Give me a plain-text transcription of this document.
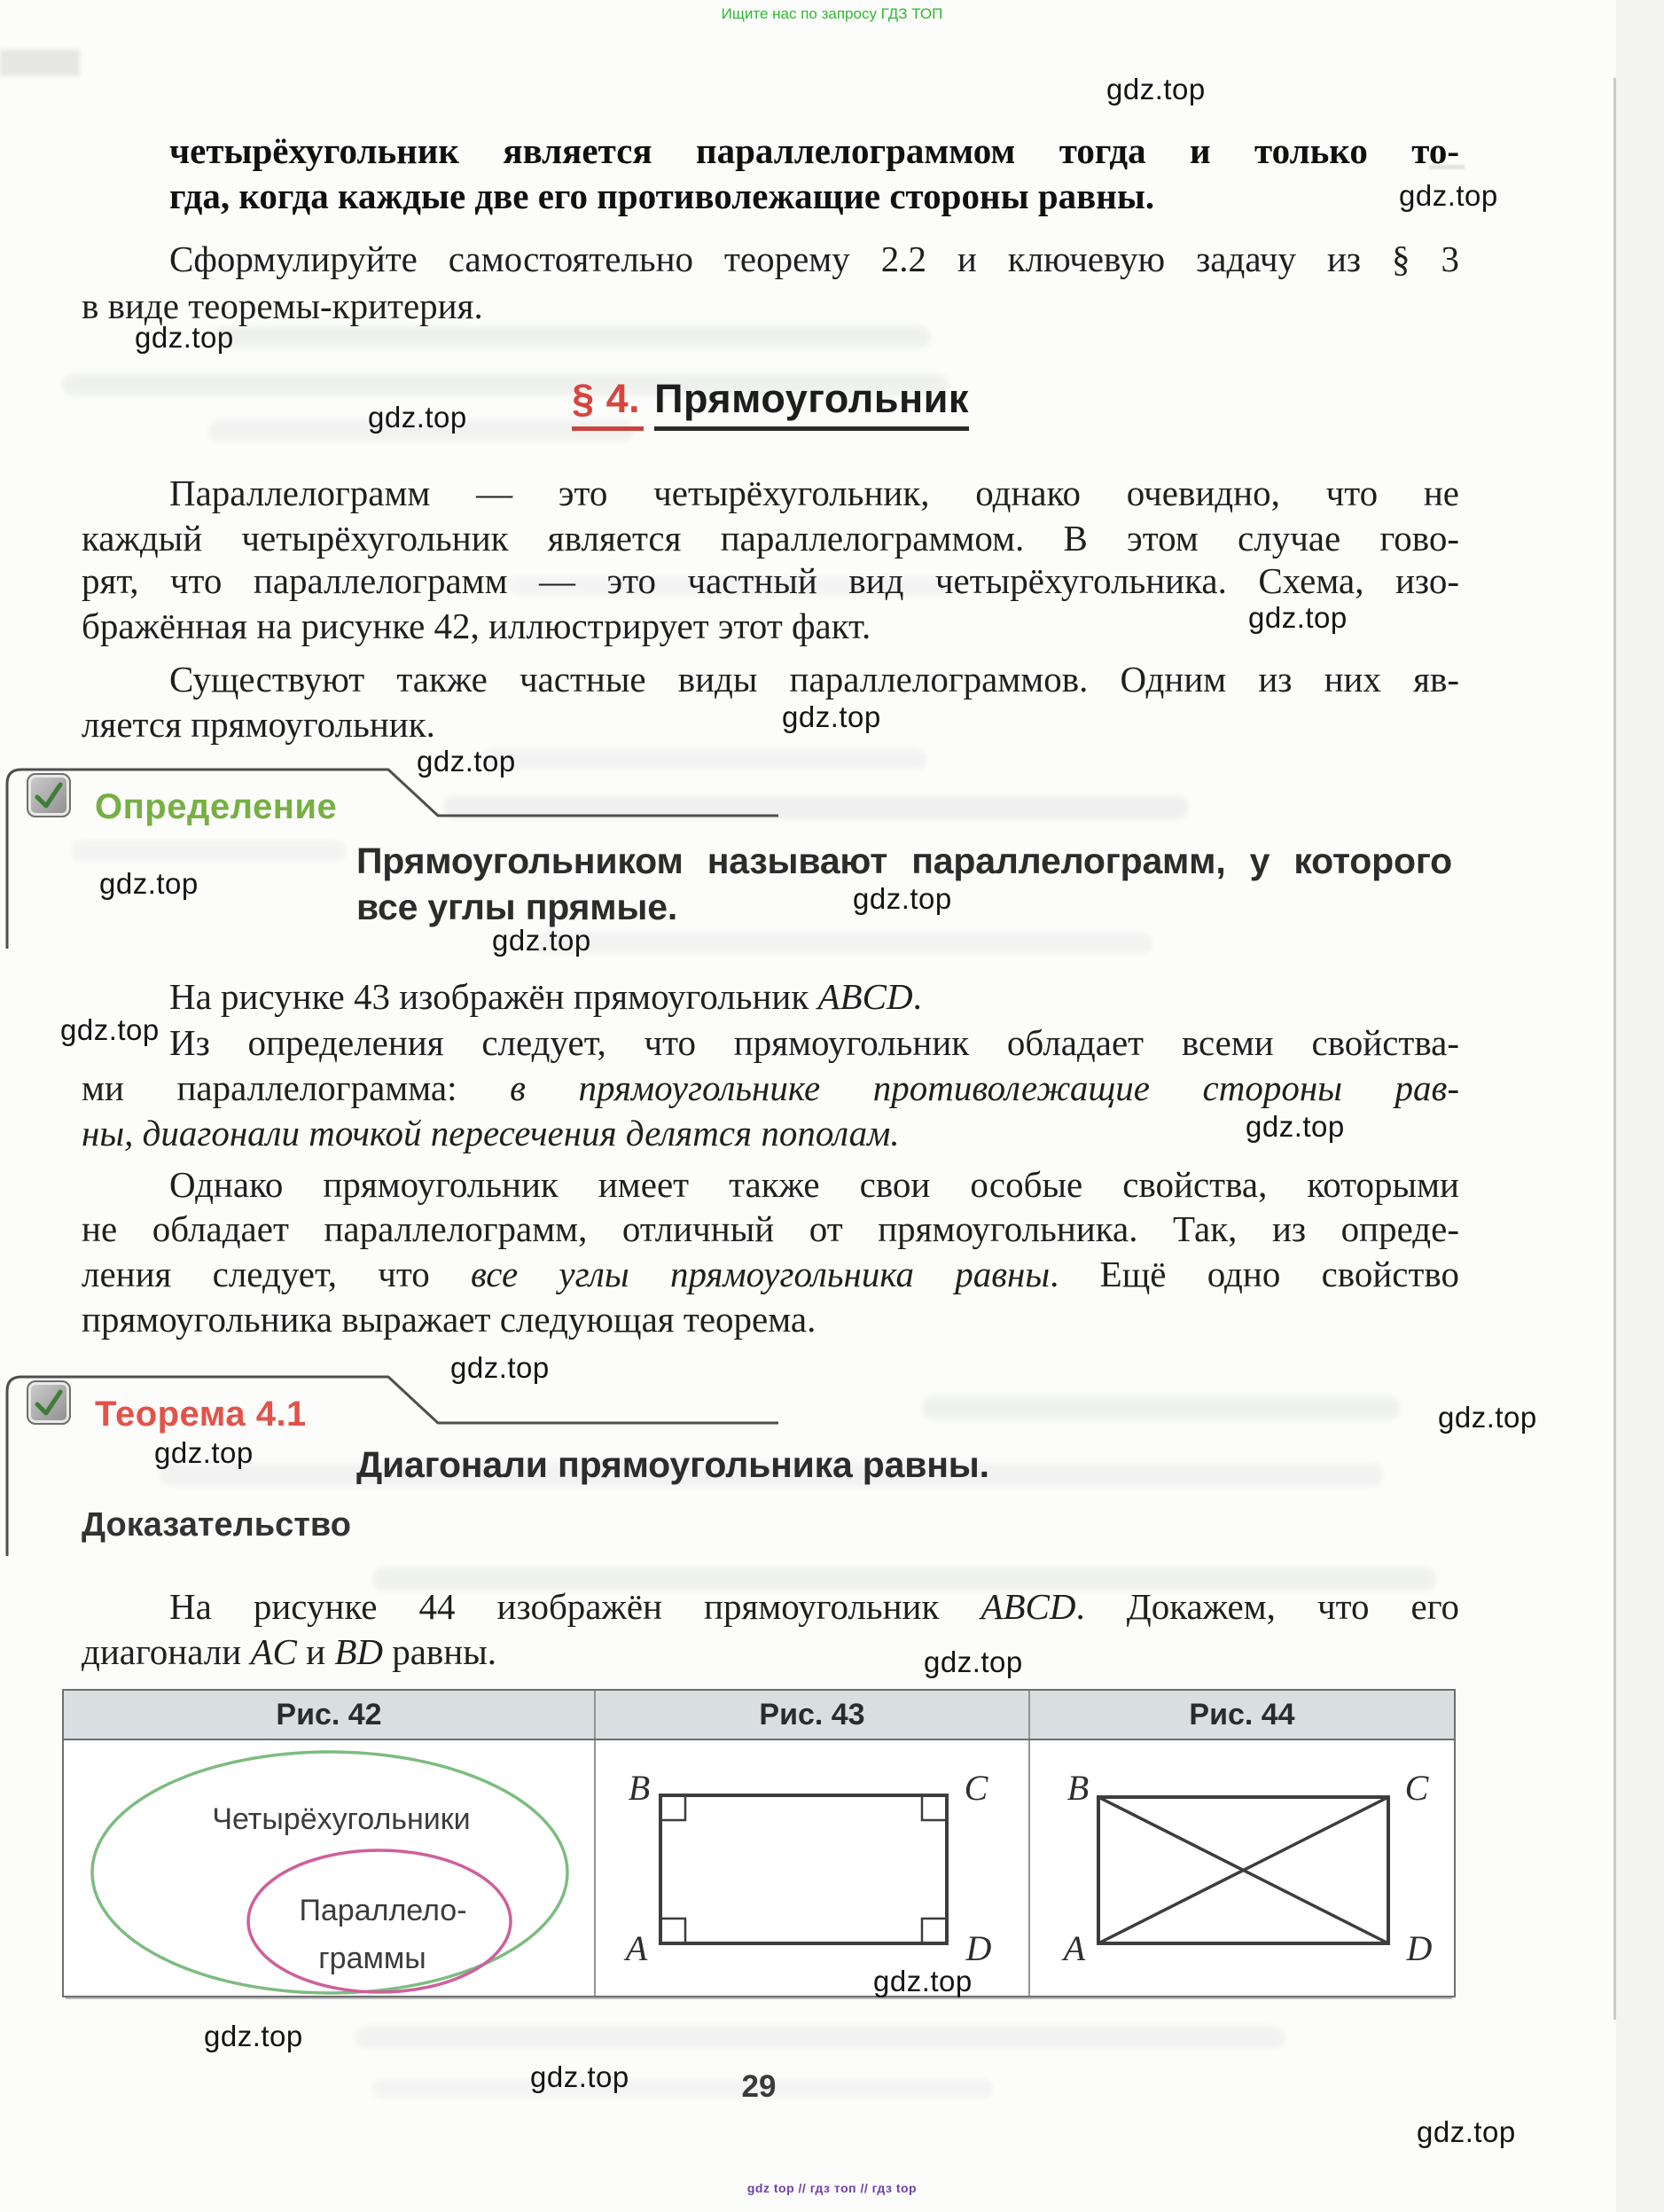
Ищите нас по запросу ГДЗ ТОП
четырёхугольник является параллелограммом тогда и только то-
гда, когда каждые две его противолежащие стороны равны.
Сформулируйте самостоятельно теорему 2.2 и ключевую задачу из § 3
в виде теоремы-критерия.
§ 4. Прямоугольник
Параллелограмм — это четырёхугольник, однако очевидно, что не
каждый четырёхугольник является параллелограммом. В этом случае гово-
рят, что параллелограмм — это частный вид четырёхугольника. Схема, изо-
бражённая на рисунке 42, иллюстрирует этот факт.
Существуют также частные виды параллелограммов. Одним из них яв-
ляется прямоугольник.
Определение
Прямоугольником называют параллелограмм, у которого
все углы прямые.
На рисунке 43 изображён прямоугольник ABCD.
Из определения следует, что прямоугольник обладает всеми свойства-
ми параллелограмма: в прямоугольнике противолежащие стороны рав-
ны, диагонали точкой пересечения делятся пополам.
Однако прямоугольник имеет также свои особые свойства, которыми
не обладает параллелограмм, отличный от прямоугольника. Так, из опреде-
ления следует, что все углы прямоугольника равны. Ещё одно свойство
прямоугольника выражает следующая теорема.
Теорема 4.1
Диагонали прямоугольника равны.
Доказательство
На рисунке 44 изображён прямоугольник ABCD. Докажем, что его
диагонали AC и BD равны.
Рис. 42	Рис. 43	Рис. 44
Четырёхугольники
Параллело-
граммы
B	C
A	D
B	C
A	D
29
gdz top // гдз топ // гдз top
gdz.top
gdz.top
gdz.top
gdz.top
gdz.top
gdz.top
gdz.top
gdz.top	gdz.top
gdz.top
gdz.top
gdz.top
gdz.top
gdz.top
gdz.top
gdz.top
gdz.top
gdz.top
gdz.top
gdz.top
